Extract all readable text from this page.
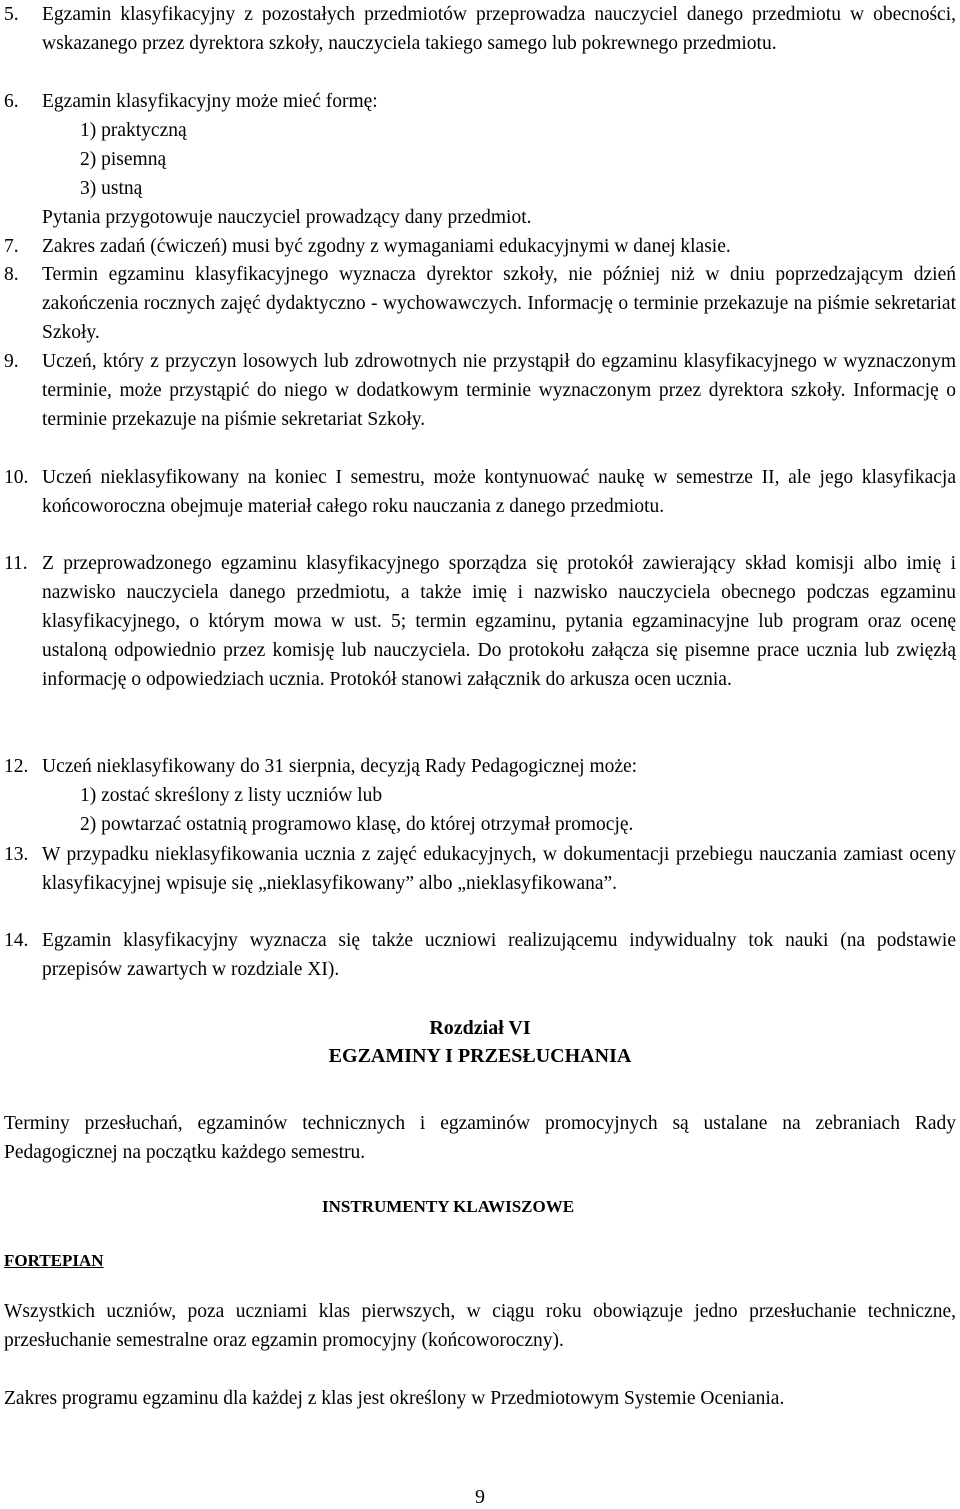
5.	Egzamin klasyfikacyjny z pozostałych przedmiotów przeprowadza nauczyciel danego przedmiotu w obecności, wskazanego przez dyrektora szkoły, nauczyciela takiego samego lub pokrewnego przedmiotu.
6.	Egzamin klasyfikacyjny może mieć formę:
1) praktyczną
2) pisemną
3) ustną
Pytania przygotowuje nauczyciel prowadzący dany przedmiot.
7.	Zakres zadań (ćwiczeń) musi być zgodny z wymaganiami edukacyjnymi w danej klasie.
8.	Termin egzaminu klasyfikacyjnego wyznacza dyrektor szkoły, nie później niż w dniu poprzedzającym dzień zakończenia rocznych zajęć dydaktyczno - wychowawczych. Informację o terminie przekazuje na piśmie sekretariat Szkoły.
9.	Uczeń, który z przyczyn losowych lub zdrowotnych nie przystąpił do egzaminu klasyfikacyjnego w wyznaczonym terminie, może przystąpić do niego w dodatkowym terminie wyznaczonym przez dyrektora szkoły. Informację o terminie przekazuje na piśmie sekretariat Szkoły.
10. Uczeń nieklasyfikowany na koniec I semestru, może kontynuować naukę w semestrze II, ale jego klasyfikacja końcoworoczna obejmuje materiał całego roku nauczania z danego przedmiotu.
11. Z przeprowadzonego egzaminu klasyfikacyjnego sporządza się protokół zawierający skład komisji albo imię i nazwisko nauczyciela danego przedmiotu, a także imię i nazwisko nauczyciela obecnego podczas egzaminu klasyfikacyjnego, o którym mowa w ust. 5; termin egzaminu, pytania egzaminacyjne lub program oraz ocenę ustaloną odpowiednio przez komisję lub nauczyciela. Do protokołu załącza się pisemne prace ucznia lub zwięzłą informację o odpowiedziach ucznia. Protokół stanowi załącznik do arkusza ocen ucznia.
12. Uczeń nieklasyfikowany do 31 sierpnia, decyzją Rady Pedagogicznej może:
1) zostać skreślony z listy uczniów lub
2) powtarzać ostatnią programowo klasę, do której otrzymał promocję.
13. W przypadku nieklasyfikowania ucznia z zajęć edukacyjnych, w dokumentacji przebiegu nauczania zamiast oceny klasyfikacyjnej wpisuje się „nieklasyfikowany” albo „nieklasyfikowana”.
14. Egzamin klasyfikacyjny wyznacza się także uczniowi realizującemu indywidualny tok nauki (na podstawie przepisów zawartych w rozdziale XI).
Rozdział VI
EGZAMINY I PRZESŁUCHANIA
Terminy przesłuchań, egzaminów technicznych i egzaminów promocyjnych są ustalane na zebraniach Rady Pedagogicznej na początku każdego semestru.
INSTRUMENTY KLAWISZOWE
FORTEPIAN
Wszystkich uczniów, poza uczniami klas pierwszych, w ciągu roku obowiązuje jedno przesłuchanie techniczne, przesłuchanie semestralne oraz egzamin promocyjny (końcoworoczny).
Zakres programu egzaminu dla każdej z klas jest określony w Przedmiotowym Systemie Oceniania.
9
